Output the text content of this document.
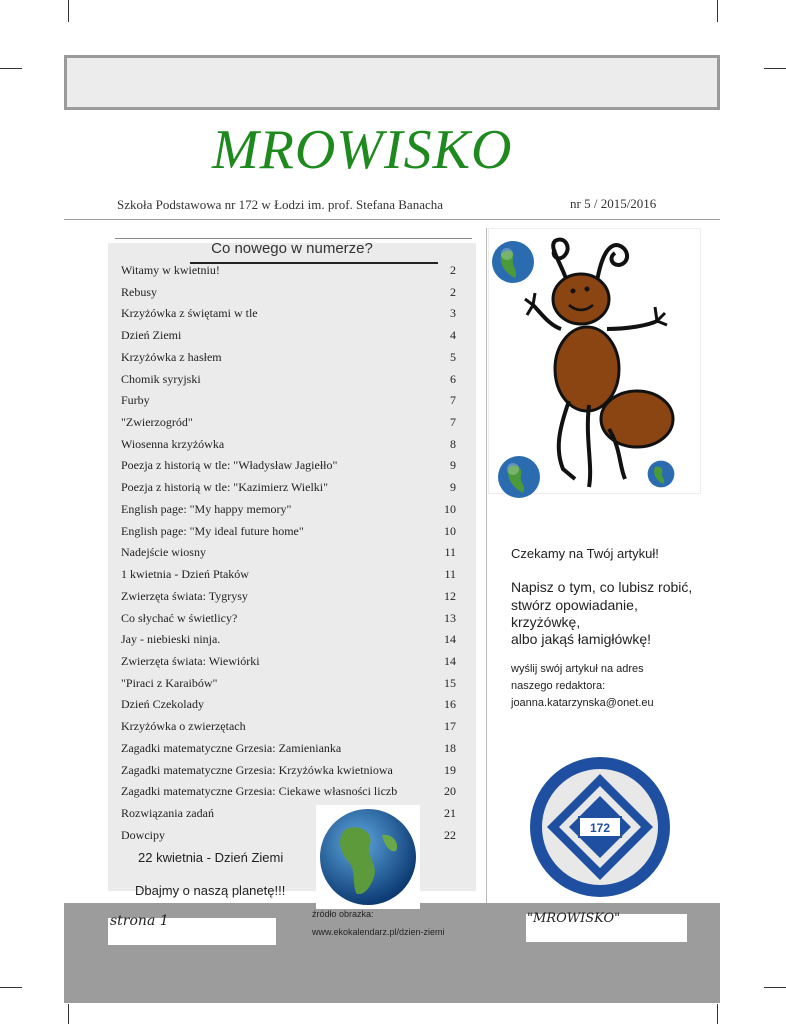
MROWISKO
Szkoła Podstawowa nr 172 w Łodzi im. prof. Stefana Banacha	nr 5 / 2015/2016
Co nowego w numerze?
Witamy w kwietniu!	2
Rebusy	2
Krzyżówka z świętami w tle	3
Dzień Ziemi	4
Krzyżówka z hasłem	5
Chomik syryjski	6
Furby	7
"Zwierzogród"	7
Wiosenna krzyżówka	8
Poezja z historią w tle: "Władysław Jagiełło"	9
Poezja z historią w tle: "Kazimierz Wielki"	9
English page: "My happy memory"	10
English page: "My ideal future home"	10
Nadejście wiosny	11
1 kwietnia - Dzień Ptaków	11
Zwierzęta świata: Tygrysy	12
Co słychać w świetlicy?	13
Jay - niebieski ninja.	14
Zwierzęta świata: Wiewiórki	14
"Piraci z Karaibów"	15
Dzień Czekolady	16
Krzyżówka o zwierzętach	17
Zagadki matematyczne Grzesia: Zamienianka	18
Zagadki matematyczne Grzesia: Krzyżówka kwietniowa	19
Zagadki matematyczne Grzesia: Ciekawe własności liczb	20
Rozwiązania zadań	21
Dowcipy	22
Czekamy na Twój artykuł!
Napisz o tym, co lubisz robić,
stwórz opowiadanie,
krzyżówkę,
albo jakąś łamigłówkę!
wyślij swój artykuł na adres
naszego redaktora:
joanna.katarzynska@onet.eu
172
strona 1	"MROWISKO"
22 kwietnia - Dzień Ziemi
Dbajmy o naszą planetę!!!
źródło obrazka:
www.ekokalendarz.pl/dzien-ziemi
